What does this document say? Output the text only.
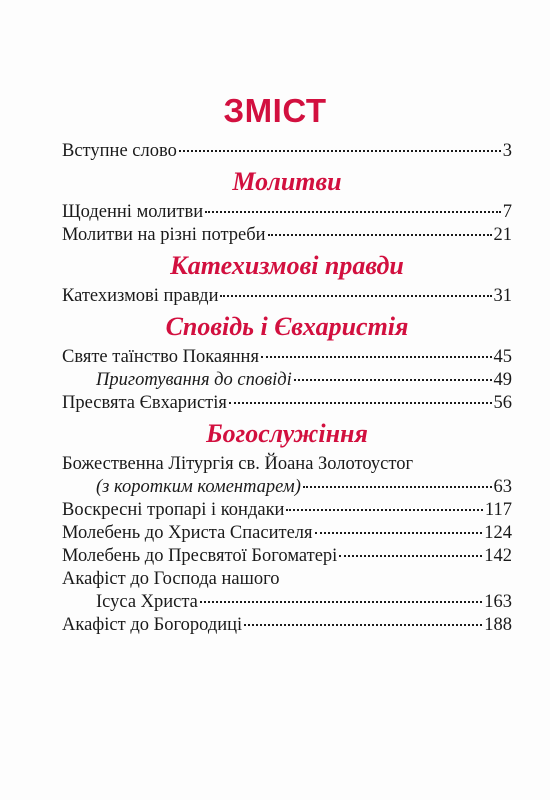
ЗМІСТ
Вступне слово	3
Молитви
Щоденні молитви	7
Молитви на різні потреби	21
Катехизмові правди
Катехизмові правди	31
Сповідь і Євхаристія
Святе таїнство Покаяння	45
Приготування до сповіді	49
Пресвята Євхаристія	56
Богослужіння
Божественна Літургія св. Йоана Золотоустог
(з коротким коментарем)	63
Воскресні тропарі і кондаки	117
Молебень до Христа Спасителя	124
Молебень до Пресвятої Богоматері	142
Акафіст до Господа нашого
Ісуса Христа	163
Акафіст до Богородиці	188
